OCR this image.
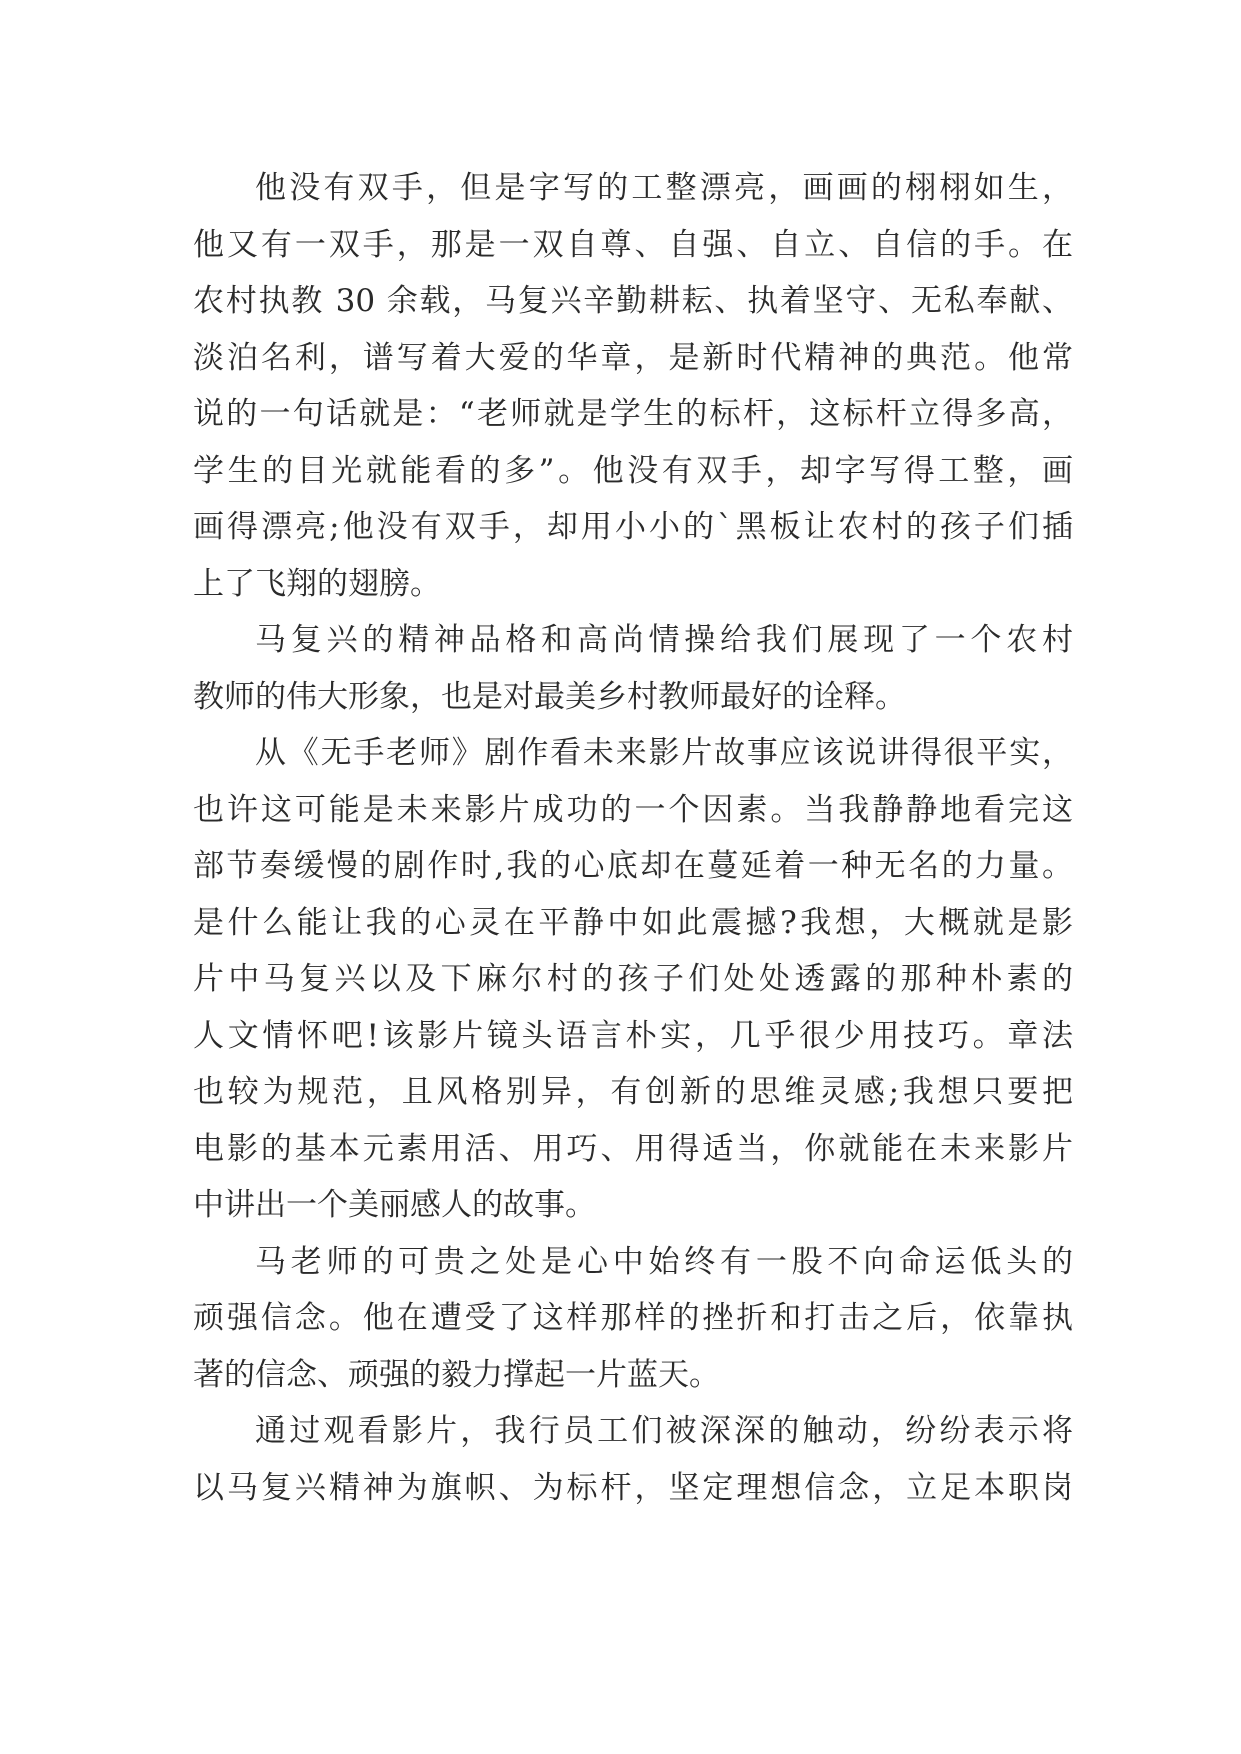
他没有双手，但是字写的工整漂亮，画画的栩栩如生，
他又有一双手，那是一双自尊、自强、自立、自信的手。在
农村执教 30 余载，马复兴辛勤耕耘、执着坚守、无私奉献、
淡泊名利，谱写着大爱的华章，是新时代精神的典范。他常
说的一句话就是：“老师就是学生的标杆，这标杆立得多高，
学生的目光就能看的多”。他没有双手，却字写得工整，画
画得漂亮;他没有双手，却用小小的`黑板让农村的孩子们插
上了飞翔的翅膀。
马复兴的精神品格和高尚情操给我们展现了一个农村
教师的伟大形象，也是对最美乡村教师最好的诠释。
从《无手老师》剧作看未来影片故事应该说讲得很平实，
也许这可能是未来影片成功的一个因素。当我静静地看完这
部节奏缓慢的剧作时,我的心底却在蔓延着一种无名的力量。
是什么能让我的心灵在平静中如此震撼?我想，大概就是影
片中马复兴以及下麻尔村的孩子们处处透露的那种朴素的
人文情怀吧!该影片镜头语言朴实，几乎很少用技巧。章法
也较为规范，且风格别异，有创新的思维灵感;我想只要把
电影的基本元素用活、用巧、用得适当，你就能在未来影片
中讲出一个美丽感人的故事。
马老师的可贵之处是心中始终有一股不向命运低头的
顽强信念。他在遭受了这样那样的挫折和打击之后，依靠执
著的信念、顽强的毅力撑起一片蓝天。
通过观看影片，我行员工们被深深的触动，纷纷表示将
以马复兴精神为旗帜、为标杆，坚定理想信念，立足本职岗
